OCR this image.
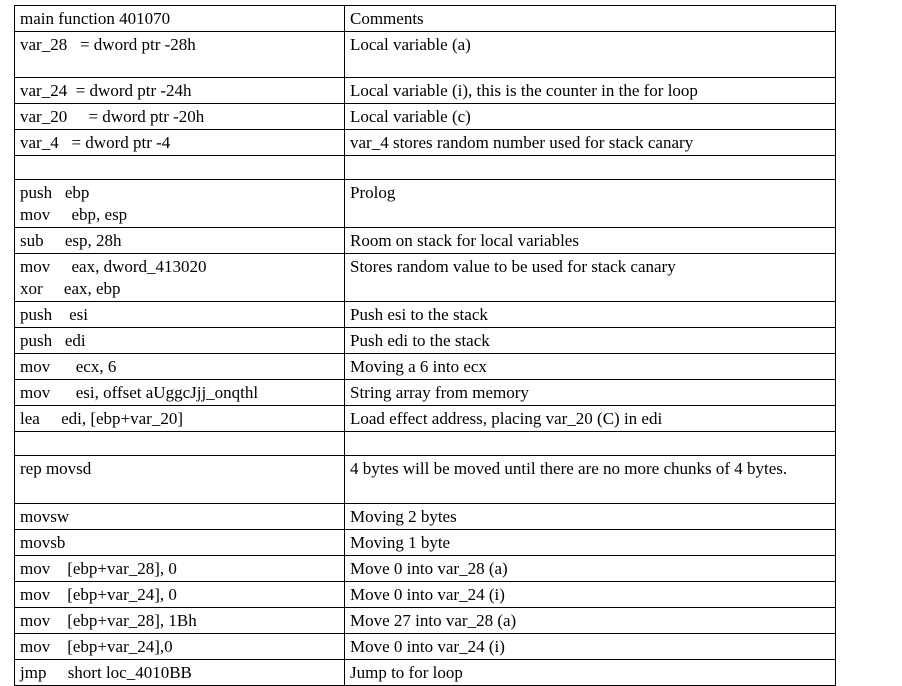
main function 401070	Comments

var_28   = dword ptr -28h	Local variable (a)

var_24  = dword ptr -24h	Local variable (i), this is the counter in the for loop

var_20     = dword ptr -20h	Local variable (c)

var_4   = dword ptr -4	var_4 stores random number used for stack canary

push   ebp
mov     ebp, esp	Prolog

sub     esp, 28h	Room on stack for local variables

mov     eax, dword_413020
xor     eax, ebp	Stores random value to be used for stack canary

push    esi	Push esi to the stack

push   edi	Push edi to the stack

mov      ecx, 6	Moving a 6 into ecx

mov      esi, offset aUggcJjj_onqthl	String array from memory

lea     edi, [ebp+var_20]	Load effect address, placing var_20 (C) in edi

rep movsd	4 bytes will be moved until there are no more chunks of 4 bytes.

movsw	Moving 2 bytes

movsb	Moving 1 byte

mov    [ebp+var_28], 0	Move 0 into var_28 (a)

mov    [ebp+var_24], 0	Move 0 into var_24 (i)

mov    [ebp+var_28], 1Bh	Move 27 into var_28 (a)

mov    [ebp+var_24],0	Move 0 into var_24 (i)

jmp     short loc_4010BB	Jump to for loop
